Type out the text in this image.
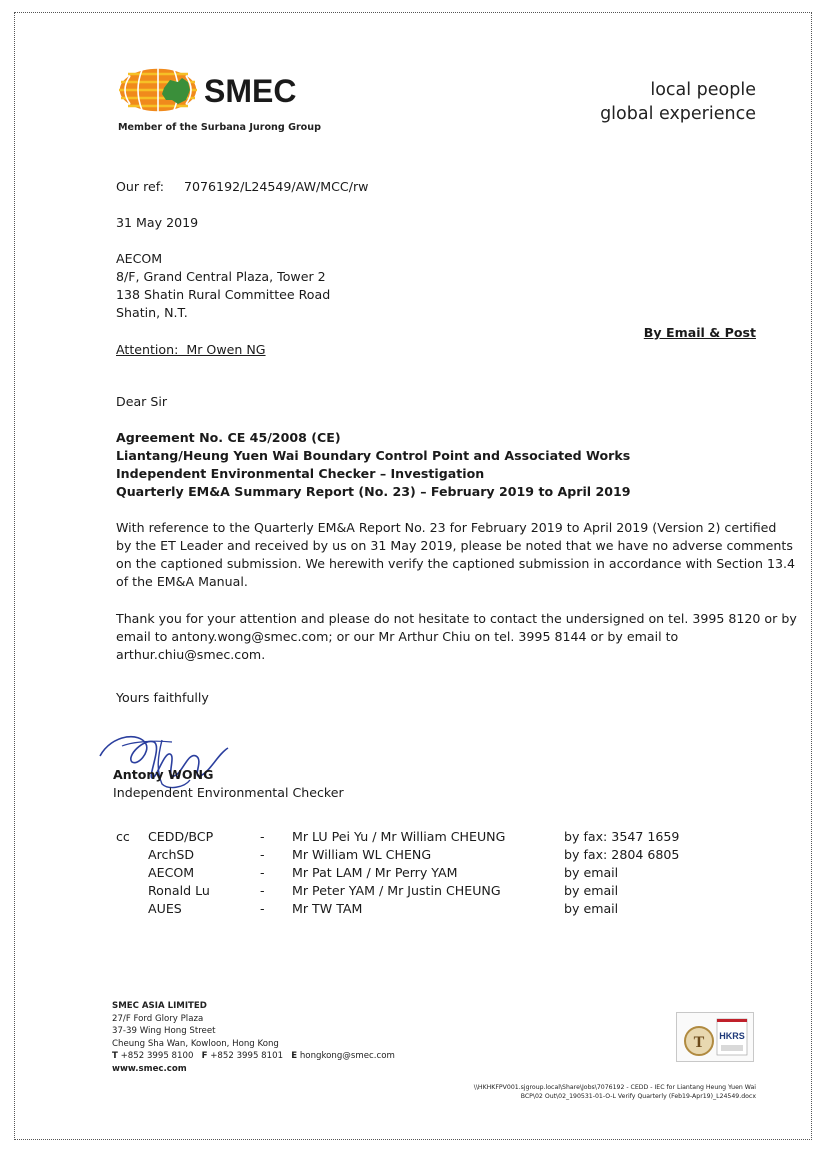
SMEC
Member of the Surbana Jurong Group
local people
global experience
Our ref: 7076192/L24549/AW/MCC/rw
31 May 2019
AECOM
8/F, Grand Central Plaza, Tower 2
138 Shatin Rural Committee Road
Shatin, N.T.
By Email & Post
Attention:  Mr Owen NG
Dear Sir
Agreement No. CE 45/2008 (CE)
Liantang/Heung Yuen Wai Boundary Control Point and Associated Works
Independent Environmental Checker – Investigation
Quarterly EM&A Summary Report (No. 23) – February 2019 to April 2019
With reference to the Quarterly EM&A Report No. 23 for February 2019 to April 2019 (Version 2) certified
by the ET Leader and received by us on 31 May 2019, please be noted that we have no adverse comments
on the captioned submission. We herewith verify the captioned submission in accordance with Section 13.4
of the EM&A Manual.
Thank you for your attention and please do not hesitate to contact the undersigned on tel. 3995 8120 or by
email to antony.wong@smec.com; or our Mr Arthur Chiu on tel. 3995 8144 or by email to
arthur.chiu@smec.com.
Yours faithfully
Antony WONG
Independent Environmental Checker
cc CEDD/BCP	- Mr LU Pei Yu / Mr William CHEUNG	by fax: 3547 1659
ArchSD	- Mr William WL CHENG	by fax: 2804 6805
AECOM	- Mr Pat LAM / Mr Perry YAM	by email
Ronald Lu	- Mr Peter YAM / Mr Justin CHEUNG	by email
AUES	- Mr TW TAM	by email
SMEC ASIA LIMITED
27/F Ford Glory Plaza
37-39 Wing Hong Street
Cheung Sha Wan, Kowloon, Hong Kong
T +852 3995 8100 F +852 3995 8101 E hongkong@smec.com
www.smec.com
T HKRS
\\HKHKFPV001.sjgroup.local\Share\Jobs\7076192 - CEDD - IEC for Liantang Heung Yuen Wai
BCP\02 Out\02_190531-01-O-L Verify Quarterly (Feb19-Apr19)_L24549.docx
